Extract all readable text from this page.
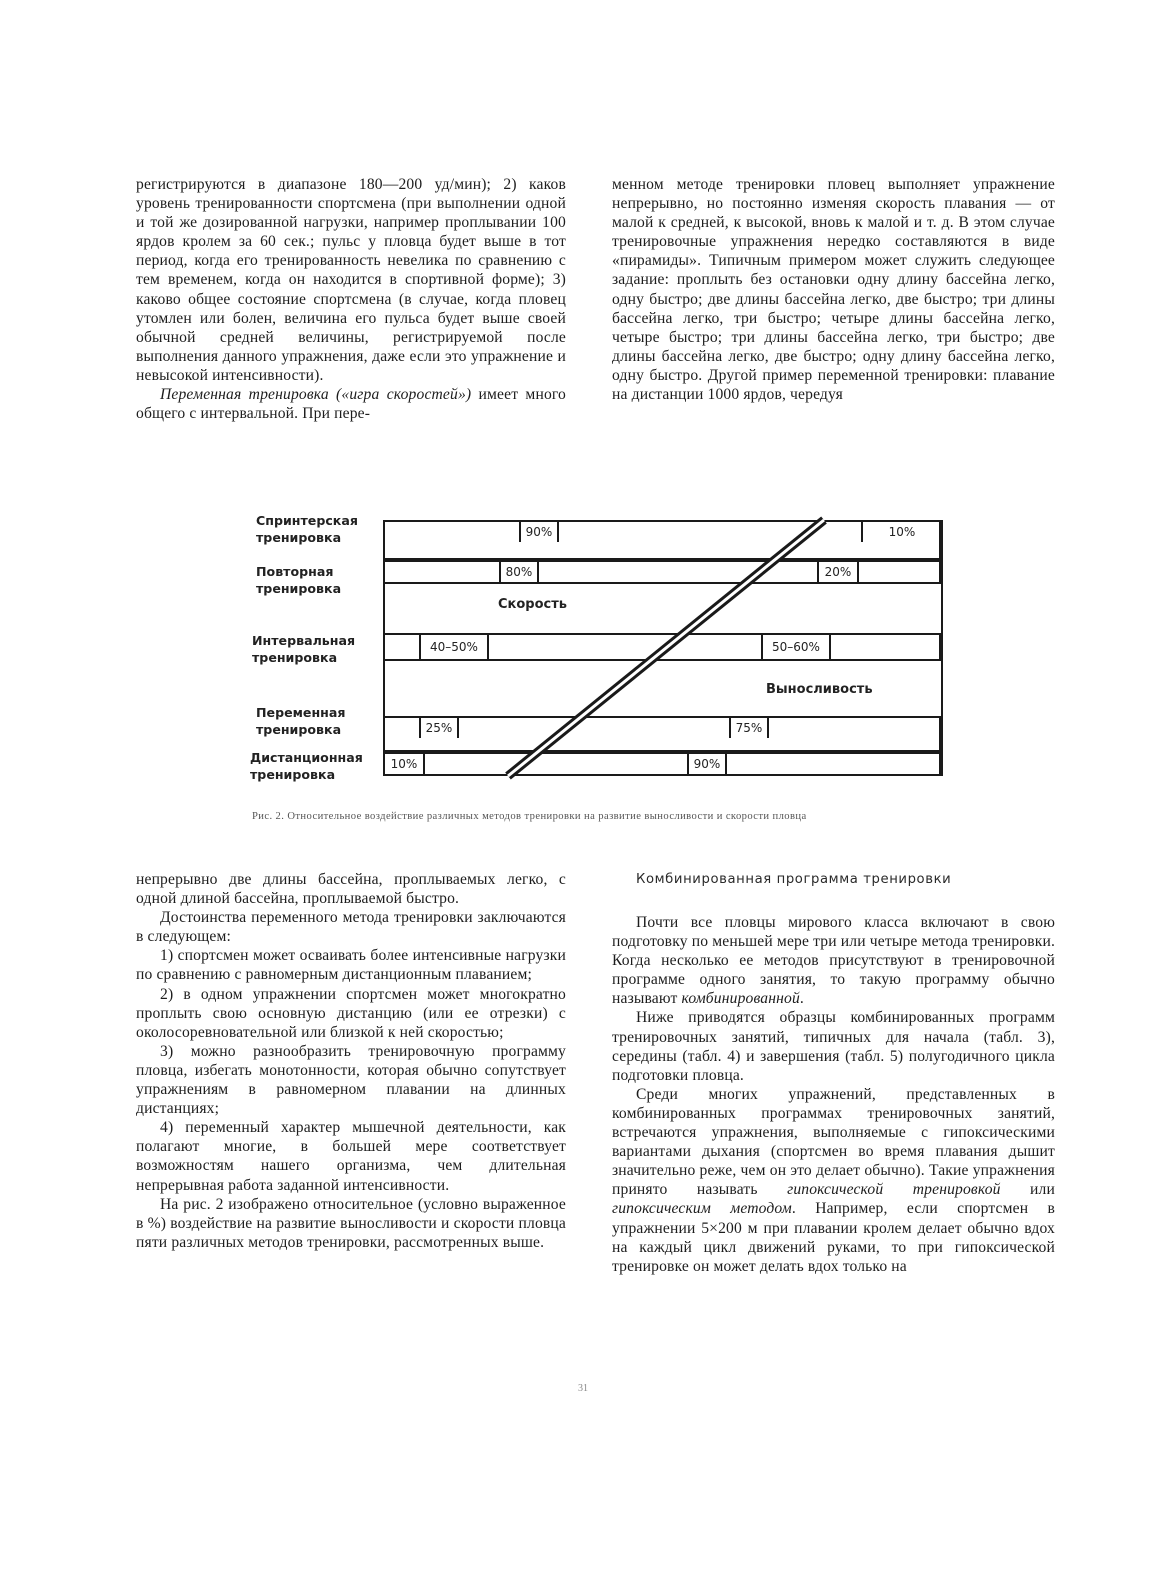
регистрируются в диапазоне 180—200 уд/мин); 2) каков уровень тренированности спортсмена (при выполнении одной и той же дозированной нагрузки, например проплывании 100 ярдов кролем за 60 сек.; пульс у пловца будет выше в тот период, когда его тренированность невелика по сравнению с тем временем, когда он находится в спортивной форме); 3) каково общее состояние спортсмена (в случае, когда пловец утомлен или болен, величина его пульса будет выше своей обычной средней величины, регистрируемой после выполнения данного упражнения, даже если это упражнение и невысокой интенсивности).

Переменная тренировка («игра скоростей») имеет много общего с интервальной. При пере-

менном методе тренировки пловец выполняет упражнение непрерывно, но постоянно изменяя скорость плавания — от малой к средней, к высокой, вновь к малой и т. д. В этом случае тренировочные упражнения нередко составляются в виде «пирамиды». Типичным примером может служить следующее задание: проплыть без остановки одну длину бассейна легко, одну быстро; две длины бассейна легко, две быстро; три длины бассейна легко, три быстро; четыре длины бассейна легко, четыре быстро; три длины бассейна легко, три быстро; две длины бассейна легко, две быстро; одну длину бассейна легко, одну быстро. Другой пример переменной тренировки: плавание на дистанции 1000 ярдов, чередуя

Спринтерская
тренировка
Повторная
тренировка
Интервальная
тренировка
Переменная
тренировка
Дистанционная
тренировка
90%	10%
80%	20%
Скорость
40–50%	50–60%
Выносливость
25%	75%
10%	90%
Рис. 2. Относительное воздействие различных методов тренировки на развитие выносливости и скорости пловца

непрерывно две длины бассейна, проплываемых легко, с одной длиной бассейна, проплываемой быстро.

Достоинства переменного метода тренировки заключаются в следующем:

1) спортсмен может осваивать более интенсивные нагрузки по сравнению с равномерным дистанционным плаванием;

2) в одном упражнении спортсмен может многократно проплыть свою основную дистанцию (или ее отрезки) с околосоревновательной или близкой к ней скоростью;

3) можно разнообразить тренировочную программу пловца, избегать монотонности, которая обычно сопутствует упражнениям в равномерном плавании на длинных дистанциях;

4) переменный характер мышечной деятельности, как полагают многие, в большей мере соответствует возможностям нашего организма, чем длительная непрерывная работа заданной интенсивности.

На рис. 2 изображено относительное (условно выраженное в %) воздействие на развитие выносливости и скорости пловца пяти различных методов тренировки, рассмотренных выше.

Комбинированная программа тренировки

Почти все пловцы мирового класса включают в свою подготовку по меньшей мере три или четыре метода тренировки. Когда несколько ее методов присутствуют в тренировочной программе одного занятия, то такую программу обычно называют комбинированной.

Ниже приводятся образцы комбинированных программ тренировочных занятий, типичных для начала (табл. 3), середины (табл. 4) и завершения (табл. 5) полугодичного цикла подготовки пловца.

Среди многих упражнений, представленных в комбинированных программах тренировочных занятий, встречаются упражнения, выполняемые с гипоксическими вариантами дыхания (спортсмен во время плавания дышит значительно реже, чем он это делает обычно). Такие упражнения принято называть гипоксической тренировкой или гипоксическим методом. Например, если спортсмен в упражнении 5×200 м при плавании кролем делает обычно вдох на каждый цикл движений руками, то при гипоксической тренировке он может делать вдох только на

31
